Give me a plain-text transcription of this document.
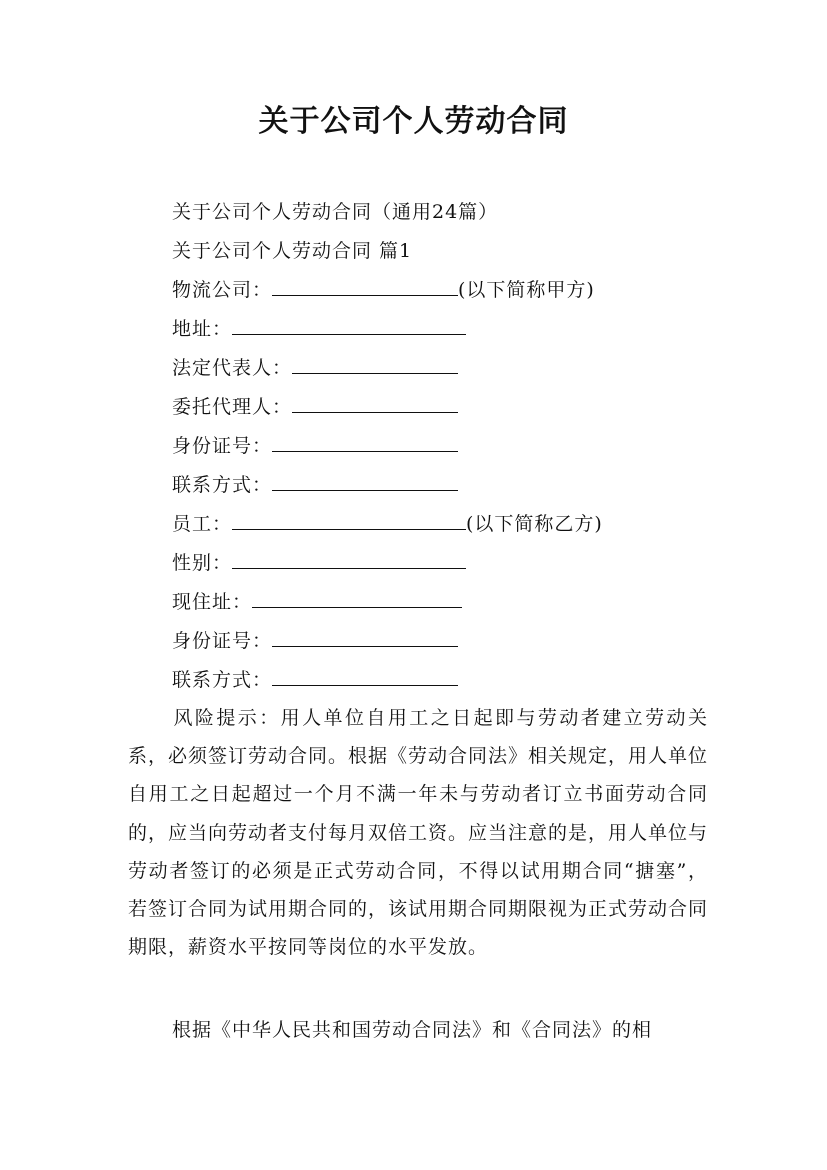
关于公司个人劳动合同
关于公司个人劳动合同（通用24篇）
关于公司个人劳动合同 篇1
物流公司：	(以下简称甲方)
地址：
法定代表人：
委托代理人：
身份证号：
联系方式：
员工：	(以下简称乙方)
性别：
现住址：
身份证号：
联系方式：
风险提示：用人单位自用工之日起即与劳动者建立劳动关系，必须签订劳动合同。根据《劳动合同法》相关规定，用人单位自用工之日起超过一个月不满一年未与劳动者订立书面劳动合同的，应当向劳动者支付每月双倍工资。应当注意的是，用人单位与劳动者签订的必须是正式劳动合同，不得以试用期合同“搪塞”，若签订合同为试用期合同的，该试用期合同期限视为正式劳动合同期限，薪资水平按同等岗位的水平发放。
根据《中华人民共和国劳动合同法》和《合同法》的相
